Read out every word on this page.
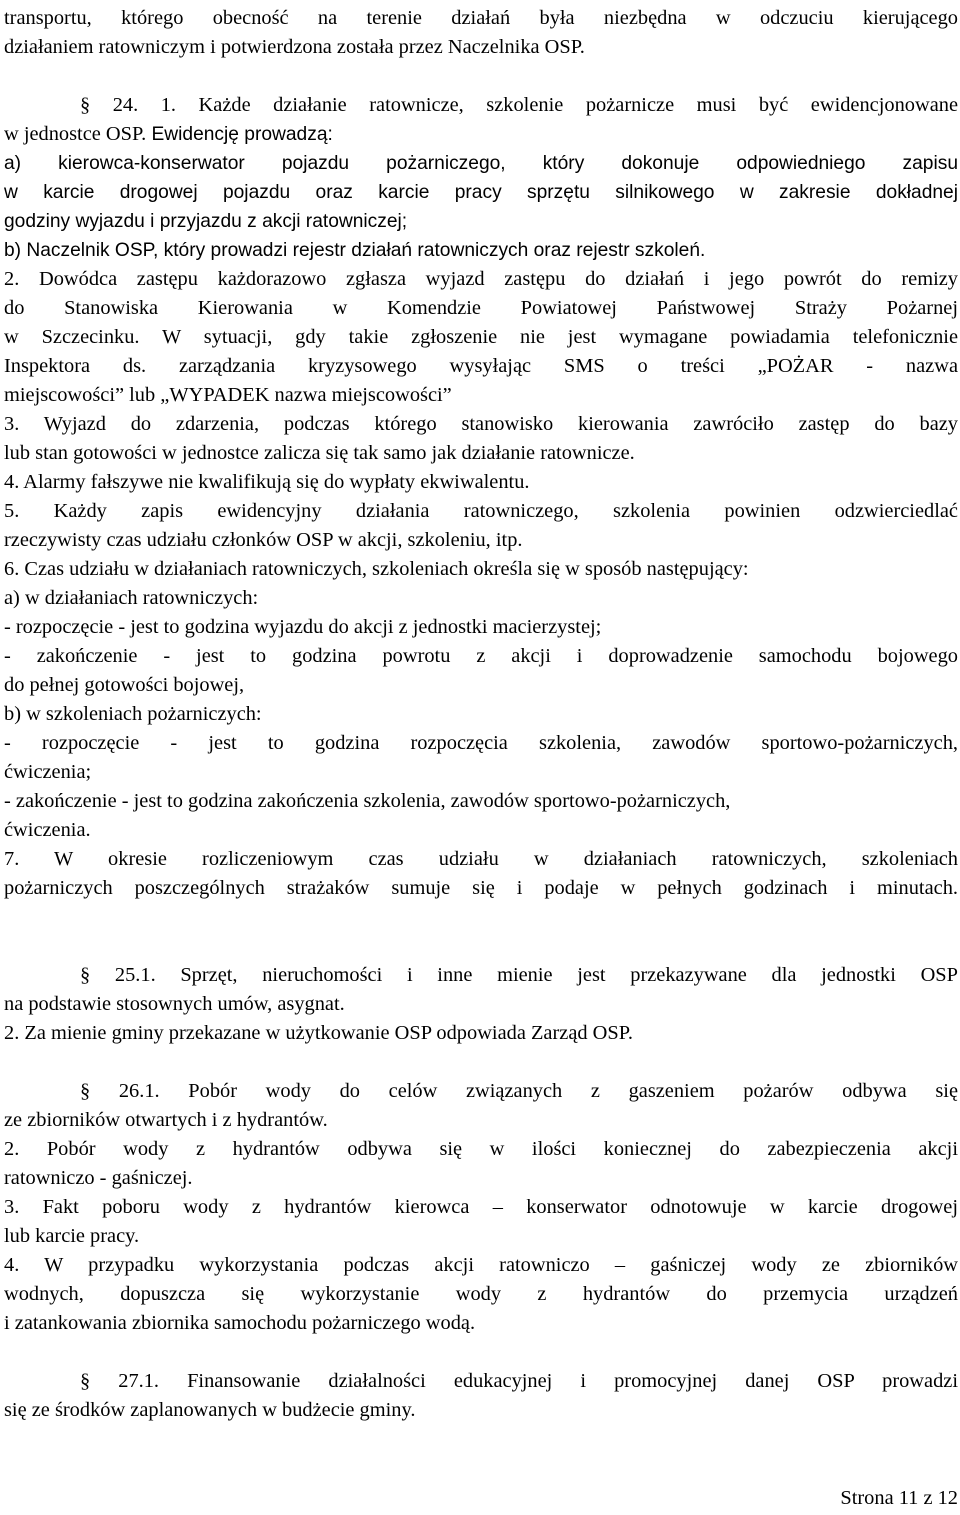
transportu, którego obecność na terenie działań była niezbędna w odczuciu kierującego
działaniem ratowniczym i potwierdzona została przez Naczelnika OSP.
§ 24. 1. Każde działanie ratownicze, szkolenie pożarnicze musi być ewidencjonowane
w jednostce OSP. Ewidencję prowadzą:
a) kierowca-konserwator pojazdu pożarniczego, który dokonuje odpowiedniego zapisu
w karcie drogowej pojazdu oraz karcie pracy sprzętu silnikowego w zakresie dokładnej
godziny wyjazdu i przyjazdu z akcji ratowniczej;
b) Naczelnik OSP, który prowadzi rejestr działań ratowniczych oraz rejestr szkoleń.
2. Dowódca zastępu każdorazowo zgłasza wyjazd zastępu do działań i jego powrót do remizy
do Stanowiska Kierowania w Komendzie Powiatowej Państwowej Straży Pożarnej
w Szczecinku. W sytuacji, gdy takie zgłoszenie nie jest wymagane powiadamia telefonicznie
Inspektora ds. zarządzania kryzysowego wysyłając SMS o treści „POŻAR - nazwa
miejscowości” lub „WYPADEK nazwa miejscowości”
3. Wyjazd do zdarzenia, podczas którego stanowisko kierowania zawróciło zastęp do bazy
lub stan gotowości w jednostce zalicza się tak samo jak działanie ratownicze.
4. Alarmy fałszywe nie kwalifikują się do wypłaty ekwiwalentu.
5. Każdy zapis ewidencyjny działania ratowniczego, szkolenia powinien odzwierciedlać
rzeczywisty czas udziału członków OSP w akcji, szkoleniu, itp.
6. Czas udziału w działaniach ratowniczych, szkoleniach określa się w sposób następujący:
a) w działaniach ratowniczych:
- rozpoczęcie - jest to godzina wyjazdu do akcji z jednostki macierzystej;
- zakończenie - jest to godzina powrotu z akcji i doprowadzenie samochodu bojowego
do pełnej gotowości bojowej,
b) w szkoleniach pożarniczych:
- rozpoczęcie - jest to godzina rozpoczęcia szkolenia, zawodów sportowo-pożarniczych,
ćwiczenia;
- zakończenie - jest to godzina zakończenia szkolenia, zawodów sportowo-pożarniczych,
ćwiczenia.
7. W okresie rozliczeniowym czas udziału w działaniach ratowniczych, szkoleniach
pożarniczych poszczególnych strażaków sumuje się i podaje w pełnych godzinach i minutach.
§ 25.1. Sprzęt, nieruchomości i inne mienie jest przekazywane dla jednostki OSP
na podstawie stosownych umów, asygnat.
2. Za mienie gminy przekazane w użytkowanie OSP odpowiada Zarząd OSP.
§ 26.1. Pobór wody do celów związanych z gaszeniem pożarów odbywa się
ze zbiorników otwartych i z hydrantów.
2. Pobór wody z hydrantów odbywa się w ilości koniecznej do zabezpieczenia akcji
ratowniczo - gaśniczej.
3. Fakt poboru wody z hydrantów kierowca – konserwator odnotowuje w karcie drogowej
lub karcie pracy.
4. W przypadku wykorzystania podczas akcji ratowniczo – gaśniczej wody ze zbiorników
wodnych, dopuszcza się wykorzystanie wody z hydrantów do przemycia urządzeń
i zatankowania zbiornika samochodu pożarniczego wodą.
§ 27.1. Finansowanie działalności edukacyjnej i promocyjnej danej OSP prowadzi
się ze środków zaplanowanych w budżecie gminy.
Strona 11 z 12
